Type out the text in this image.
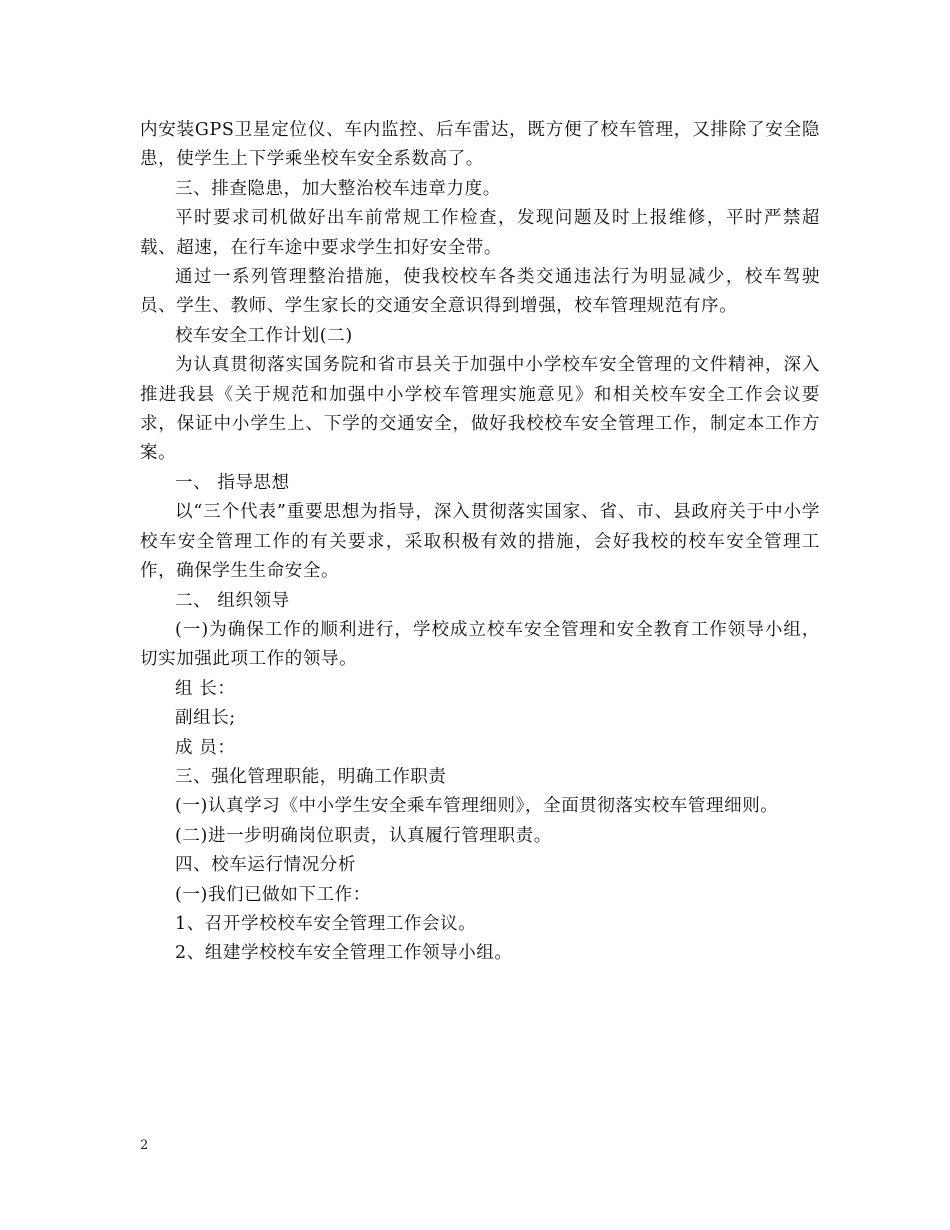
内安装GPS卫星定位仪、车内监控、后车雷达，既方便了校车管理，又排除了安全隐患，使学生上下学乘坐校车安全系数高了。

三、排查隐患，加大整治校车违章力度。

平时要求司机做好出车前常规工作检查，发现问题及时上报维修，平时严禁超载、超速，在行车途中要求学生扣好安全带。

通过一系列管理整治措施，使我校校车各类交通违法行为明显减少，校车驾驶员、学生、教师、学生家长的交通安全意识得到增强，校车管理规范有序。

校车安全工作计划(二)

为认真贯彻落实国务院和省市县关于加强中小学校车安全管理的文件精神，深入推进我县《关于规范和加强中小学校车管理实施意见》和相关校车安全工作会议要求，保证中小学生上、下学的交通安全，做好我校校车安全管理工作，制定本工作方案。

一、 指导思想

以“三个代表”重要思想为指导，深入贯彻落实国家、省、市、县政府关于中小学校车安全管理工作的有关要求，采取积极有效的措施，会好我校的校车安全管理工作，确保学生生命安全。

二、 组织领导

(一)为确保工作的顺利进行，学校成立校车安全管理和安全教育工作领导小组，切实加强此项工作的领导。

组 长：

副组长;

成 员：

三、强化管理职能，明确工作职责

(一)认真学习《中小学生安全乘车管理细则》，全面贯彻落实校车管理细则。

(二)进一步明确岗位职责，认真履行管理职责。

四、校车运行情况分析

(一)我们已做如下工作：

1、召开学校校车安全管理工作会议。

2、组建学校校车安全管理工作领导小组。

2
